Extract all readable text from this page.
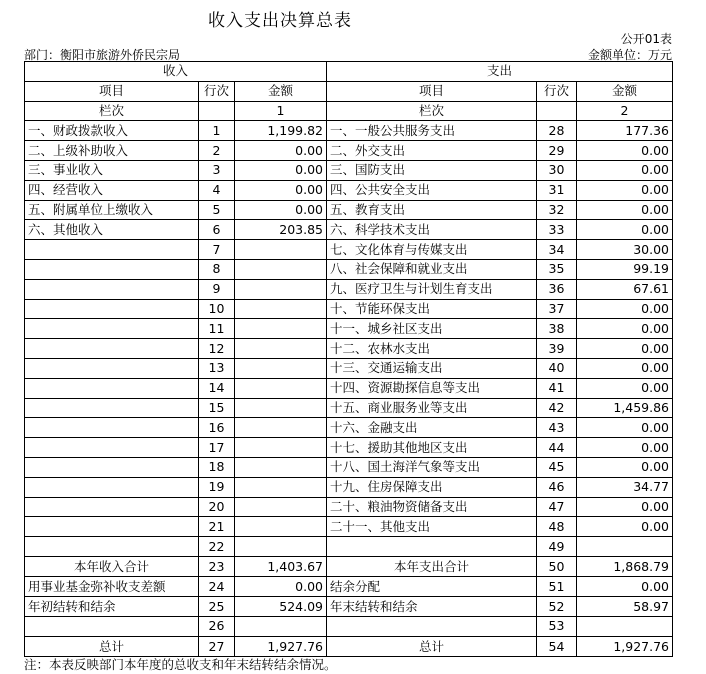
收入支出决算总表
公开01表
部门：衡阳市旅游外侨民宗局	金额单位：万元
收入			支出		
项目	行次	金额	项目	行次	金额
栏次		1	栏次		2
一、财政拨款收入	1	1,199.82	一、一般公共服务支出	28	177.36
二、上级补助收入	2	0.00	二、外交支出	29	0.00
三、事业收入	3	0.00	三、国防支出	30	0.00
四、经营收入	4	0.00	四、公共安全支出	31	0.00
五、附属单位上缴收入	5	0.00	五、教育支出	32	0.00
六、其他收入	6	203.85	六、科学技术支出	33	0.00
	7		七、文化体育与传媒支出	34	30.00
	8		八、社会保障和就业支出	35	99.19
	9		九、医疗卫生与计划生育支出	36	67.61
	10		十、节能环保支出	37	0.00
	11		十一、城乡社区支出	38	0.00
	12		十二、农林水支出	39	0.00
	13		十三、交通运输支出	40	0.00
	14		十四、资源勘探信息等支出	41	0.00
	15		十五、商业服务业等支出	42	1,459.86
	16		十六、金融支出	43	0.00
	17		十七、援助其他地区支出	44	0.00
	18		十八、国土海洋气象等支出	45	0.00
	19		十九、住房保障支出	46	34.77
	20		二十、粮油物资储备支出	47	0.00
	21		二十一、其他支出	48	0.00
	22			49	
本年收入合计	23	1,403.67	本年支出合计	50	1,868.79
用事业基金弥补收支差额	24	0.00	结余分配	51	0.00
年初结转和结余	25	524.09	年末结转和结余	52	58.97
	26			53	
总计	27	1,927.76	总计	54	1,927.76
注：本表反映部门本年度的总收支和年末结转结余情况。
